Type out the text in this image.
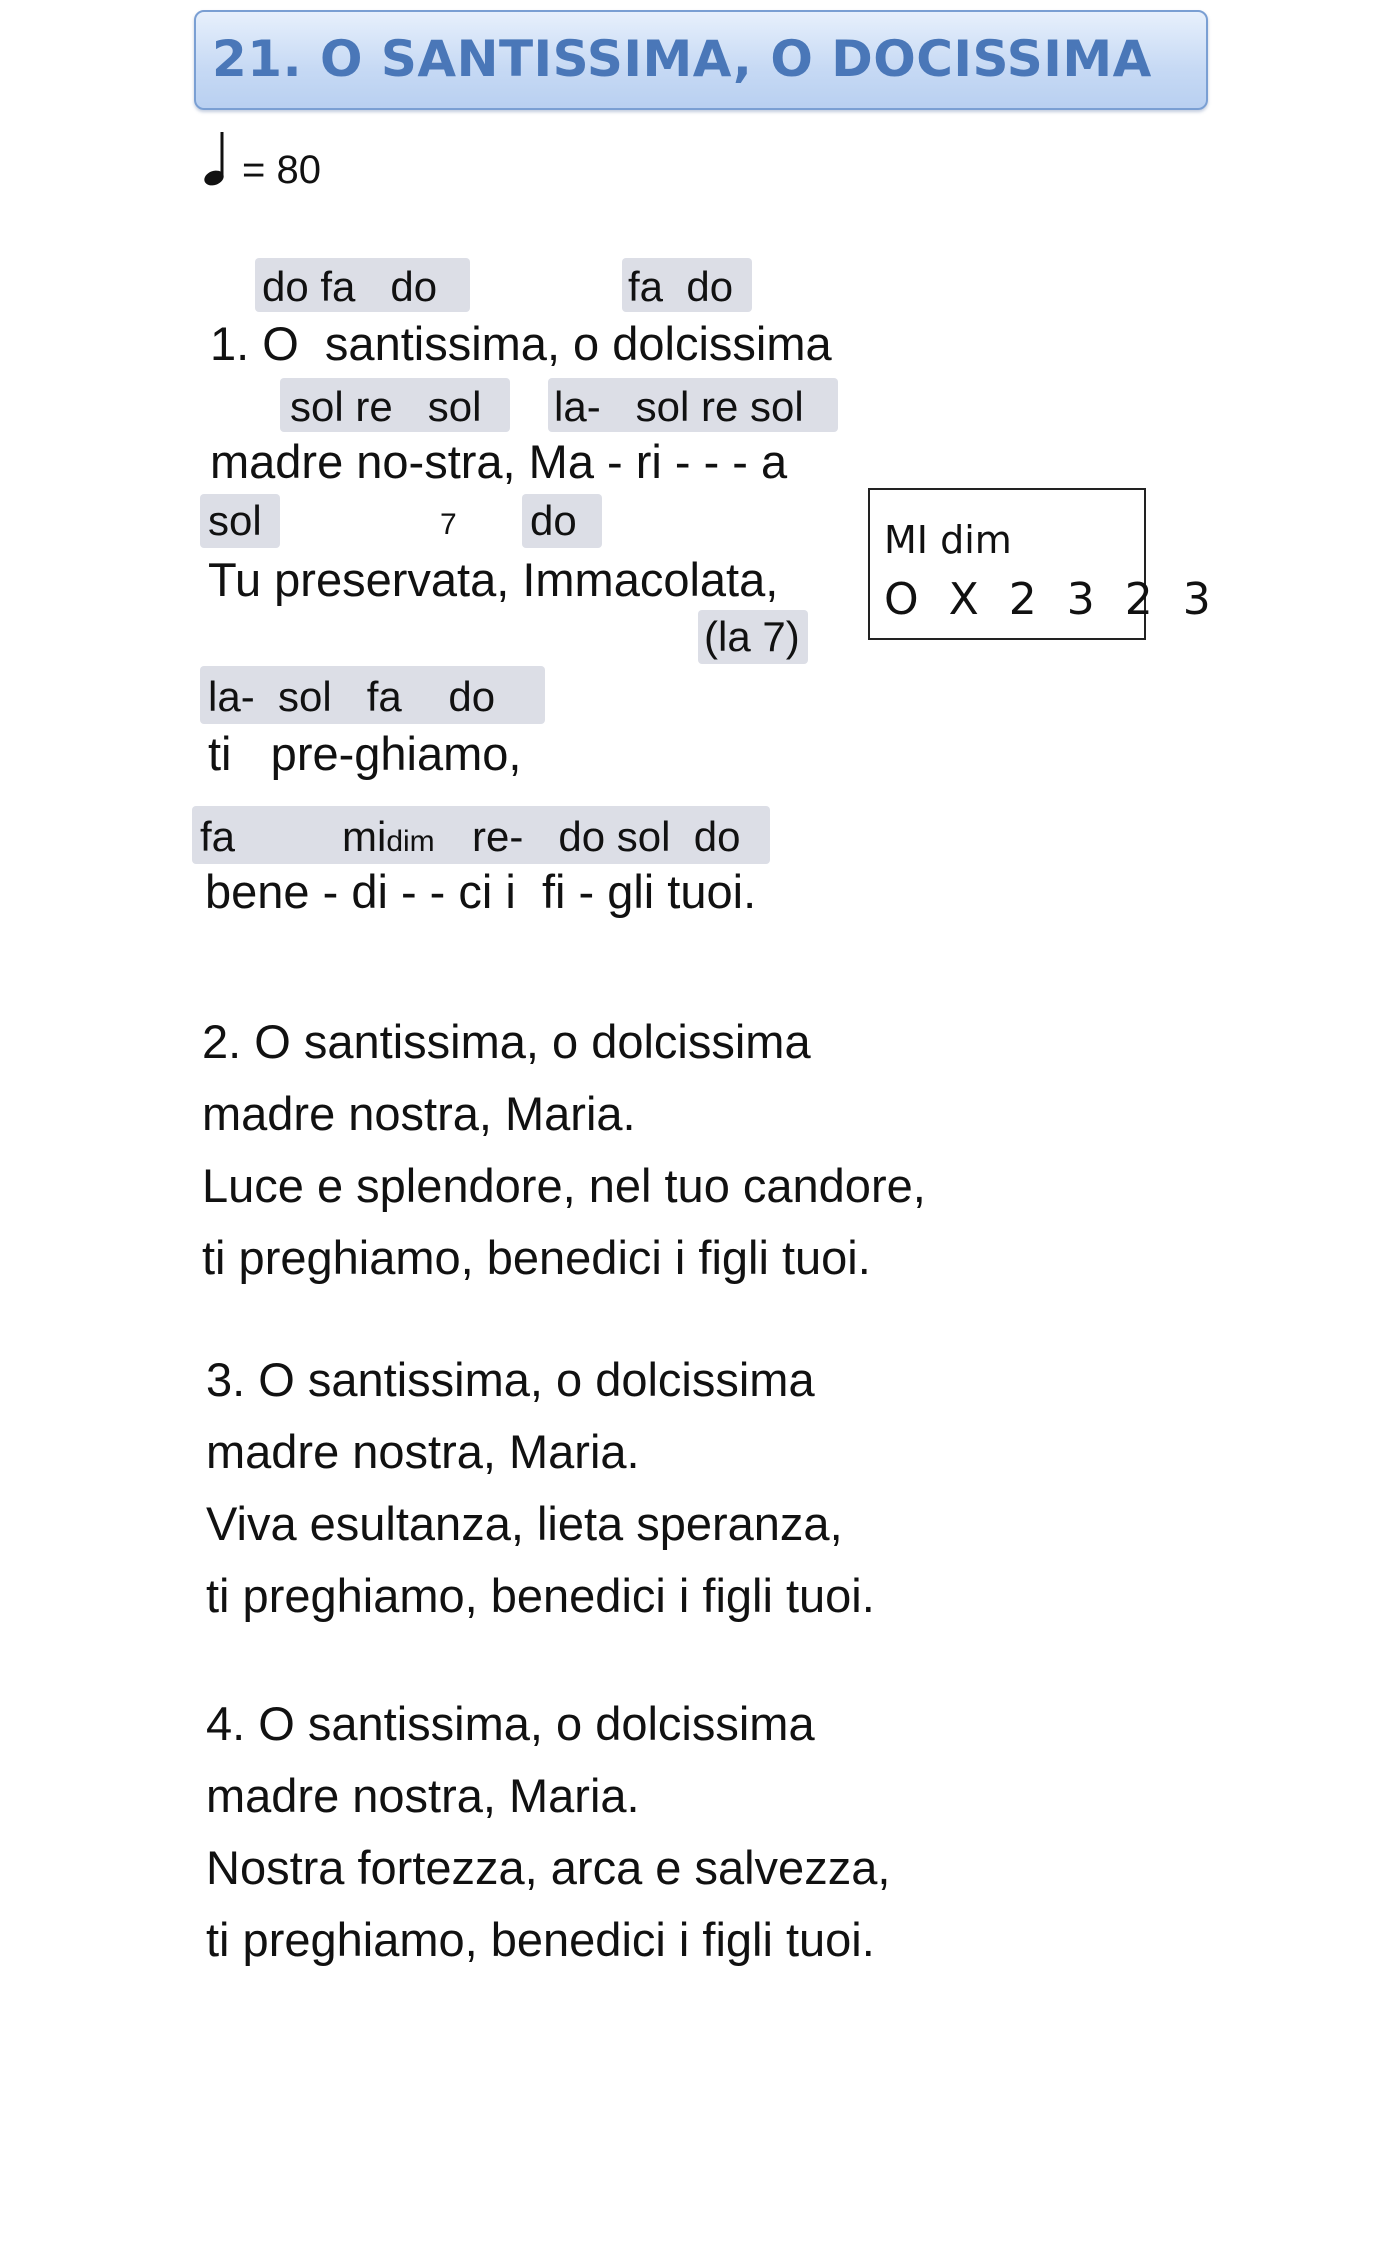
21. O SANTISSIMA, O DOCISSIMA
= 80
do fa   do	fa  do
1. O  santissima, o dolcissima
sol re   sol la-   sol re sol
madre no-stra, Ma - ri - - - a
sol	7 do
Tu preservata, Immacolata,
(la 7)
la-  sol   fa    do
ti   pre-ghiamo,
fa	midim re-   do sol  do
bene - di - - ci i  fi - gli tuoi.
MI dim
O X 2 3 2 3
2. O santissima, o dolcissima
madre nostra, Maria.
Luce e splendore, nel tuo candore,
ti preghiamo, benedici i figli tuoi.
3. O santissima, o dolcissima
madre nostra, Maria.
Viva esultanza, lieta speranza,
ti preghiamo, benedici i figli tuoi.
4. O santissima, o dolcissima
madre nostra, Maria.
Nostra fortezza, arca e salvezza,
ti preghiamo, benedici i figli tuoi.
